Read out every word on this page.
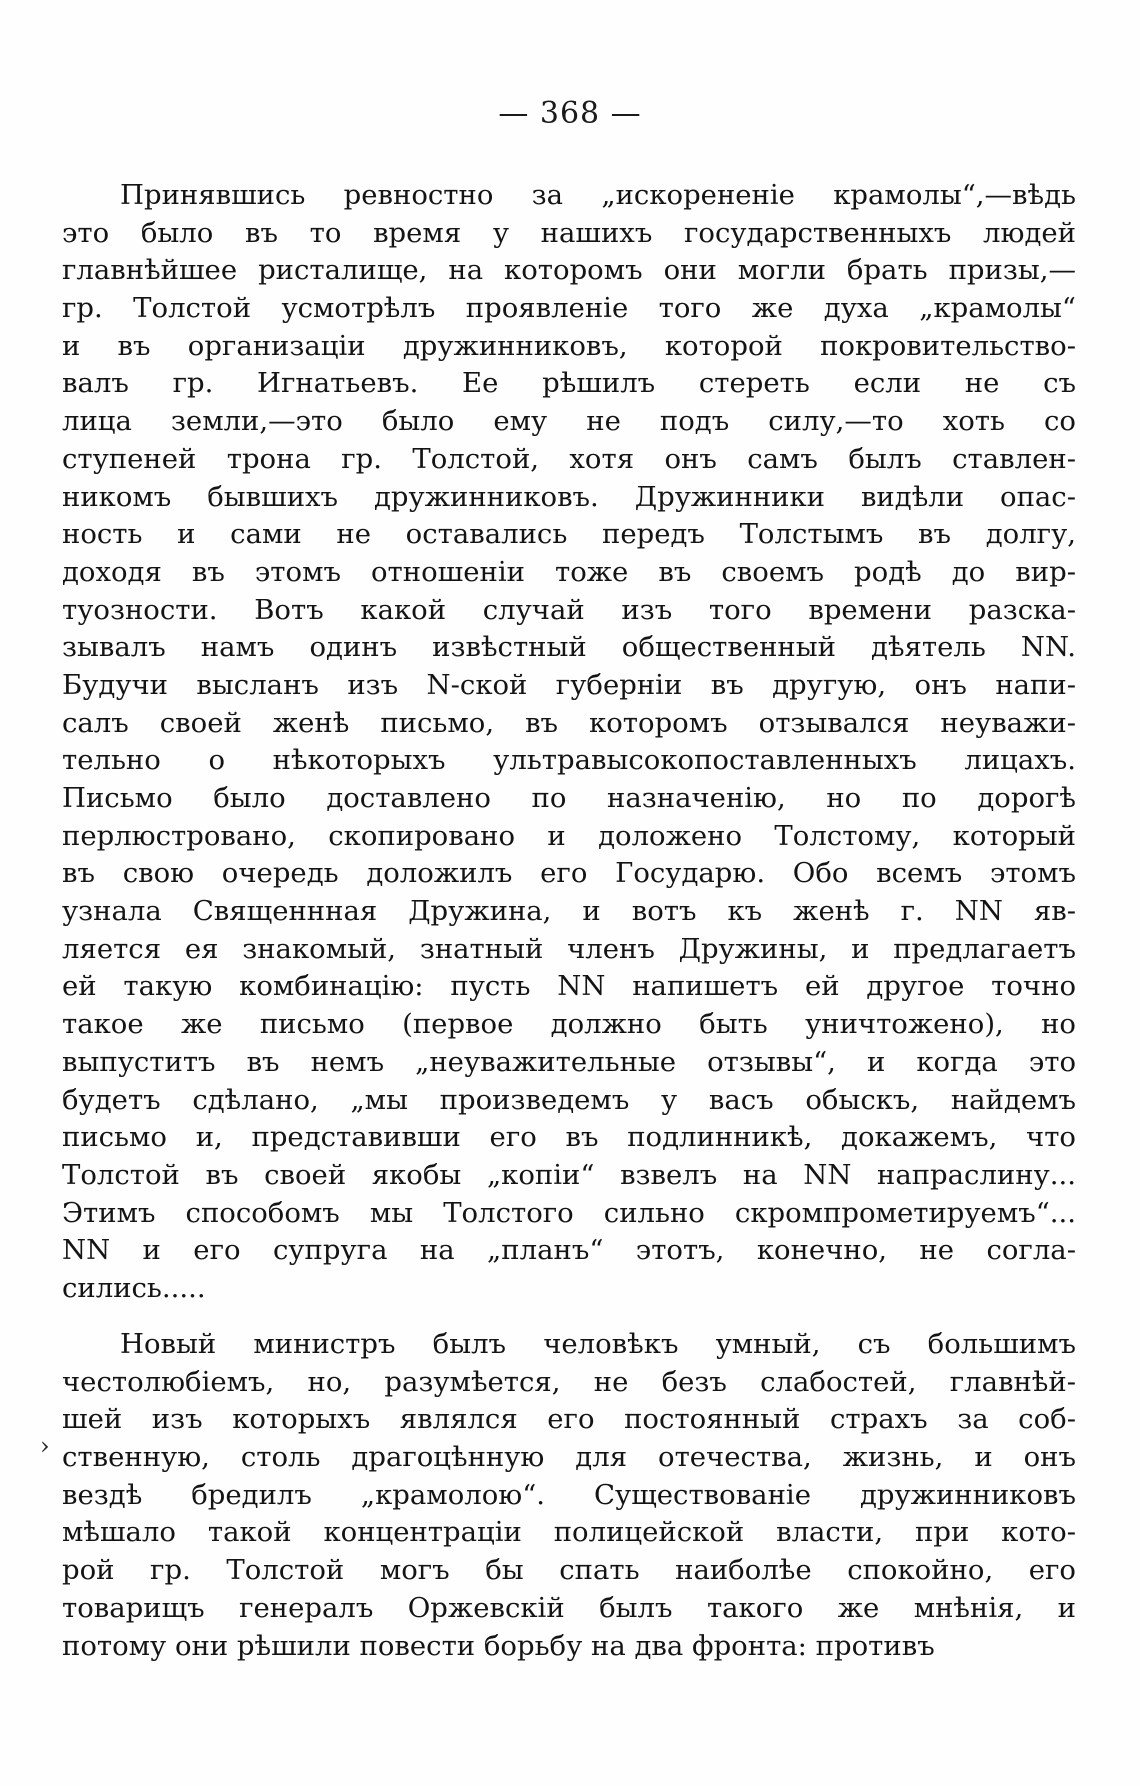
— 368 —
Принявшись ревностно за „искорененіе крамолы“,—вѣдь
это было въ то время у нашихъ государственныхъ людей
главнѣйшее ристалище, на которомъ они могли брать призы,—
гр. Толстой усмотрѣлъ проявленіе того же духа „крамолы“
и въ организаціи дружинниковъ, которой покровительство-
валъ гр. Игнатьевъ. Ее рѣшилъ стереть если не съ
лица земли,—это было ему не подъ силу,—то хоть со
ступеней трона гр. Толстой, хотя онъ самъ былъ ставлен-
никомъ бывшихъ дружинниковъ. Дружинники видѣли опас-
ность и сами не оставались передъ Толстымъ въ долгу,
доходя въ этомъ отношеніи тоже въ своемъ родѣ до вир-
туозности. Вотъ какой случай изъ того времени разска-
зывалъ намъ одинъ извѣстный общественный дѣятель NN.
Будучи высланъ изъ N-ской губерніи въ другую, онъ напи-
салъ своей женѣ письмо, въ которомъ отзывался неуважи-
тельно о нѣкоторыхъ ультравысокопоставленныхъ лицахъ.
Письмо было доставлено по назначенію, но по дорогѣ
перлюстровано, скопировано и доложено Толстому, который
въ свою очередь доложилъ его Государю. Обо всемъ этомъ
узнала Священнная Дружина, и вотъ къ женѣ г. NN яв-
ляется ея знакомый, знатный членъ Дружины, и предлагаетъ
ей такую комбинацію: пусть NN напишетъ ей другое точно
такое же письмо (первое должно быть уничтожено), но
выпуститъ въ немъ „неуважительные отзывы“, и когда это
будетъ сдѣлано, „мы произведемъ у васъ обыскъ, найдемъ
письмо и, представивши его въ подлинникѣ, докажемъ, что
Толстой въ своей якобы „копіи“ взвелъ на NN напраслину...
Этимъ способомъ мы Толстого сильно скромпрометируемъ“...
NN и его супруга на „планъ“ этотъ, конечно, не согла-
сились.....
Новый министръ былъ человѣкъ умный, съ большимъ
честолюбіемъ, но, разумѣется, не безъ слабостей, главнѣй-
шей изъ которыхъ являлся его постоянный страхъ за соб-
ственную, столь драгоцѣнную для отечества, жизнь, и онъ
вездѣ бредилъ „крамолою“. Существованіе дружинниковъ
мѣшало такой концентраціи полицейской власти, при кото-
рой гр. Толстой могъ бы спать наиболѣе спокойно, его
товарищъ генералъ Оржевскій былъ такого же мнѣнія, и
потому они рѣшили повести борьбу на два фронта: противъ
›
